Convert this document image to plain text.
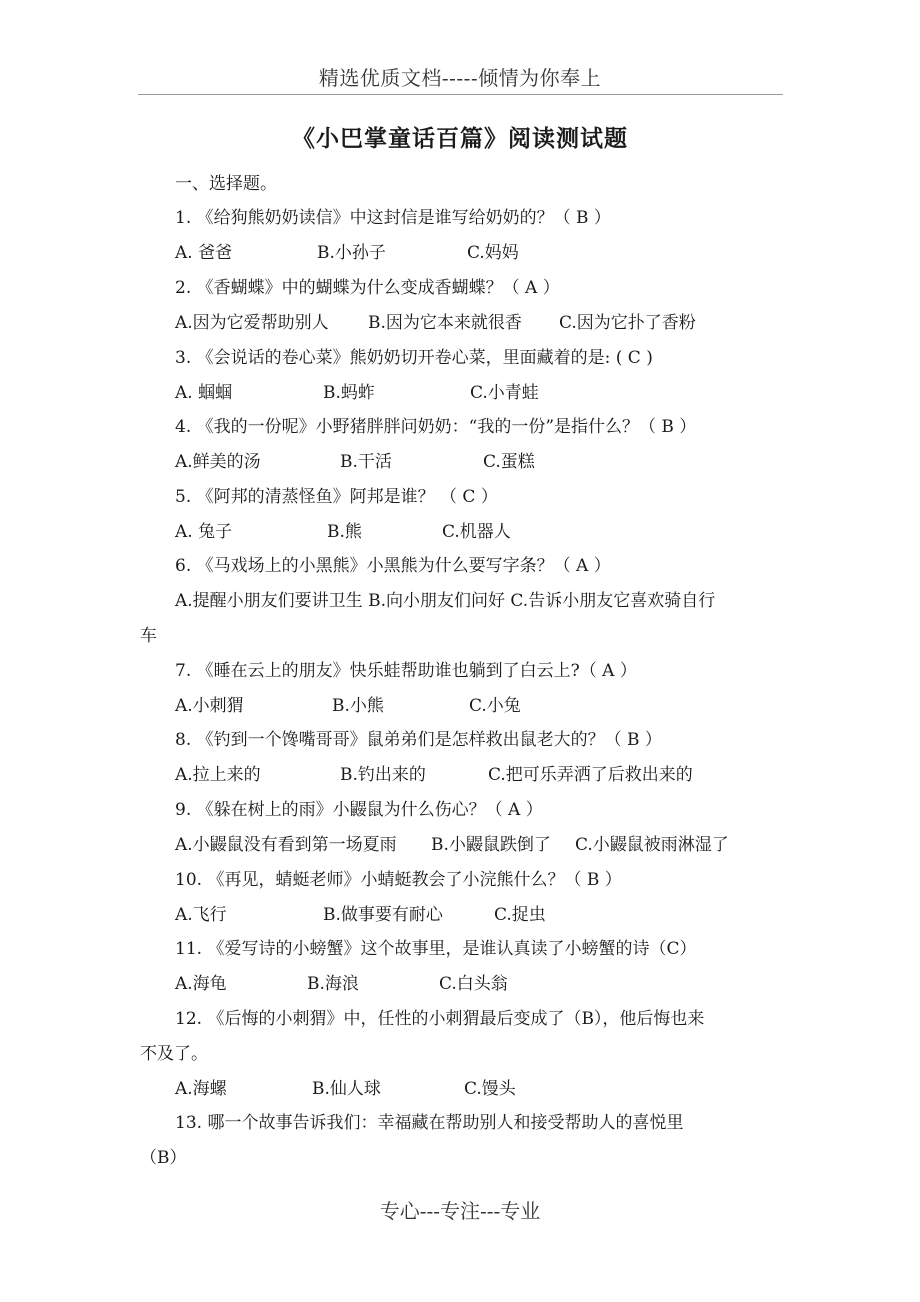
精选优质文档-----倾情为你奉上
《小巴掌童话百篇》阅读测试题
一、选择题。
1. 《给狗熊奶奶读信》中这封信是谁写给奶奶的？（ B ）
A. 爸爸	B.小孙子	C.妈妈
2. 《香蝴蝶》中的蝴蝶为什么变成香蝴蝶？（ A ）
A.因为它爱帮助别人 B.因为它本来就很香 C.因为它扑了香粉
3. 《会说话的卷心菜》熊奶奶切开卷心菜，里面藏着的是: ( C )
A. 蝈蝈	B.蚂蚱	C.小青蛙
4. 《我的一份呢》小野猪胖胖问奶奶：“我的一份”是指什么？（ B ）
A.鲜美的汤	B.干活	C.蛋糕
5. 《阿邦的清蒸怪鱼》阿邦是谁？ （ C ）
A. 兔子	B.熊	C.机器人
6. 《马戏场上的小黑熊》小黑熊为什么要写字条？（ A ）
A.提醒小朋友们要讲卫生 B.向小朋友们问好 C.告诉小朋友它喜欢骑自行
车
7. 《睡在云上的朋友》快乐蛙帮助谁也躺到了白云上?（ A ）
A.小刺猬	B.小熊	C.小兔
8. 《钓到一个馋嘴哥哥》鼠弟弟们是怎样救出鼠老大的？（ B ）
A.拉上来的	B.钓出来的	C.把可乐弄洒了后救出来的
9. 《躲在树上的雨》小鼹鼠为什么伤心？（ A ）
A.小鼹鼠没有看到第一场夏雨 B.小鼹鼠跌倒了 C.小鼹鼠被雨淋湿了
10. 《再见，蜻蜓老师》小蜻蜓教会了小浣熊什么？（ B ）
A.飞行	B.做事要有耐心	C.捉虫
11. 《爱写诗的小螃蟹》这个故事里，是谁认真读了小螃蟹的诗（C）
A.海龟	B.海浪	C.白头翁
12. 《后悔的小刺猬》中，任性的小刺猬最后变成了（B），他后悔也来
不及了。
A.海螺	B.仙人球	C.馒头
13. 哪一个故事告诉我们：幸福藏在帮助别人和接受帮助人的喜悦里
（B）
专心---专注---专业
